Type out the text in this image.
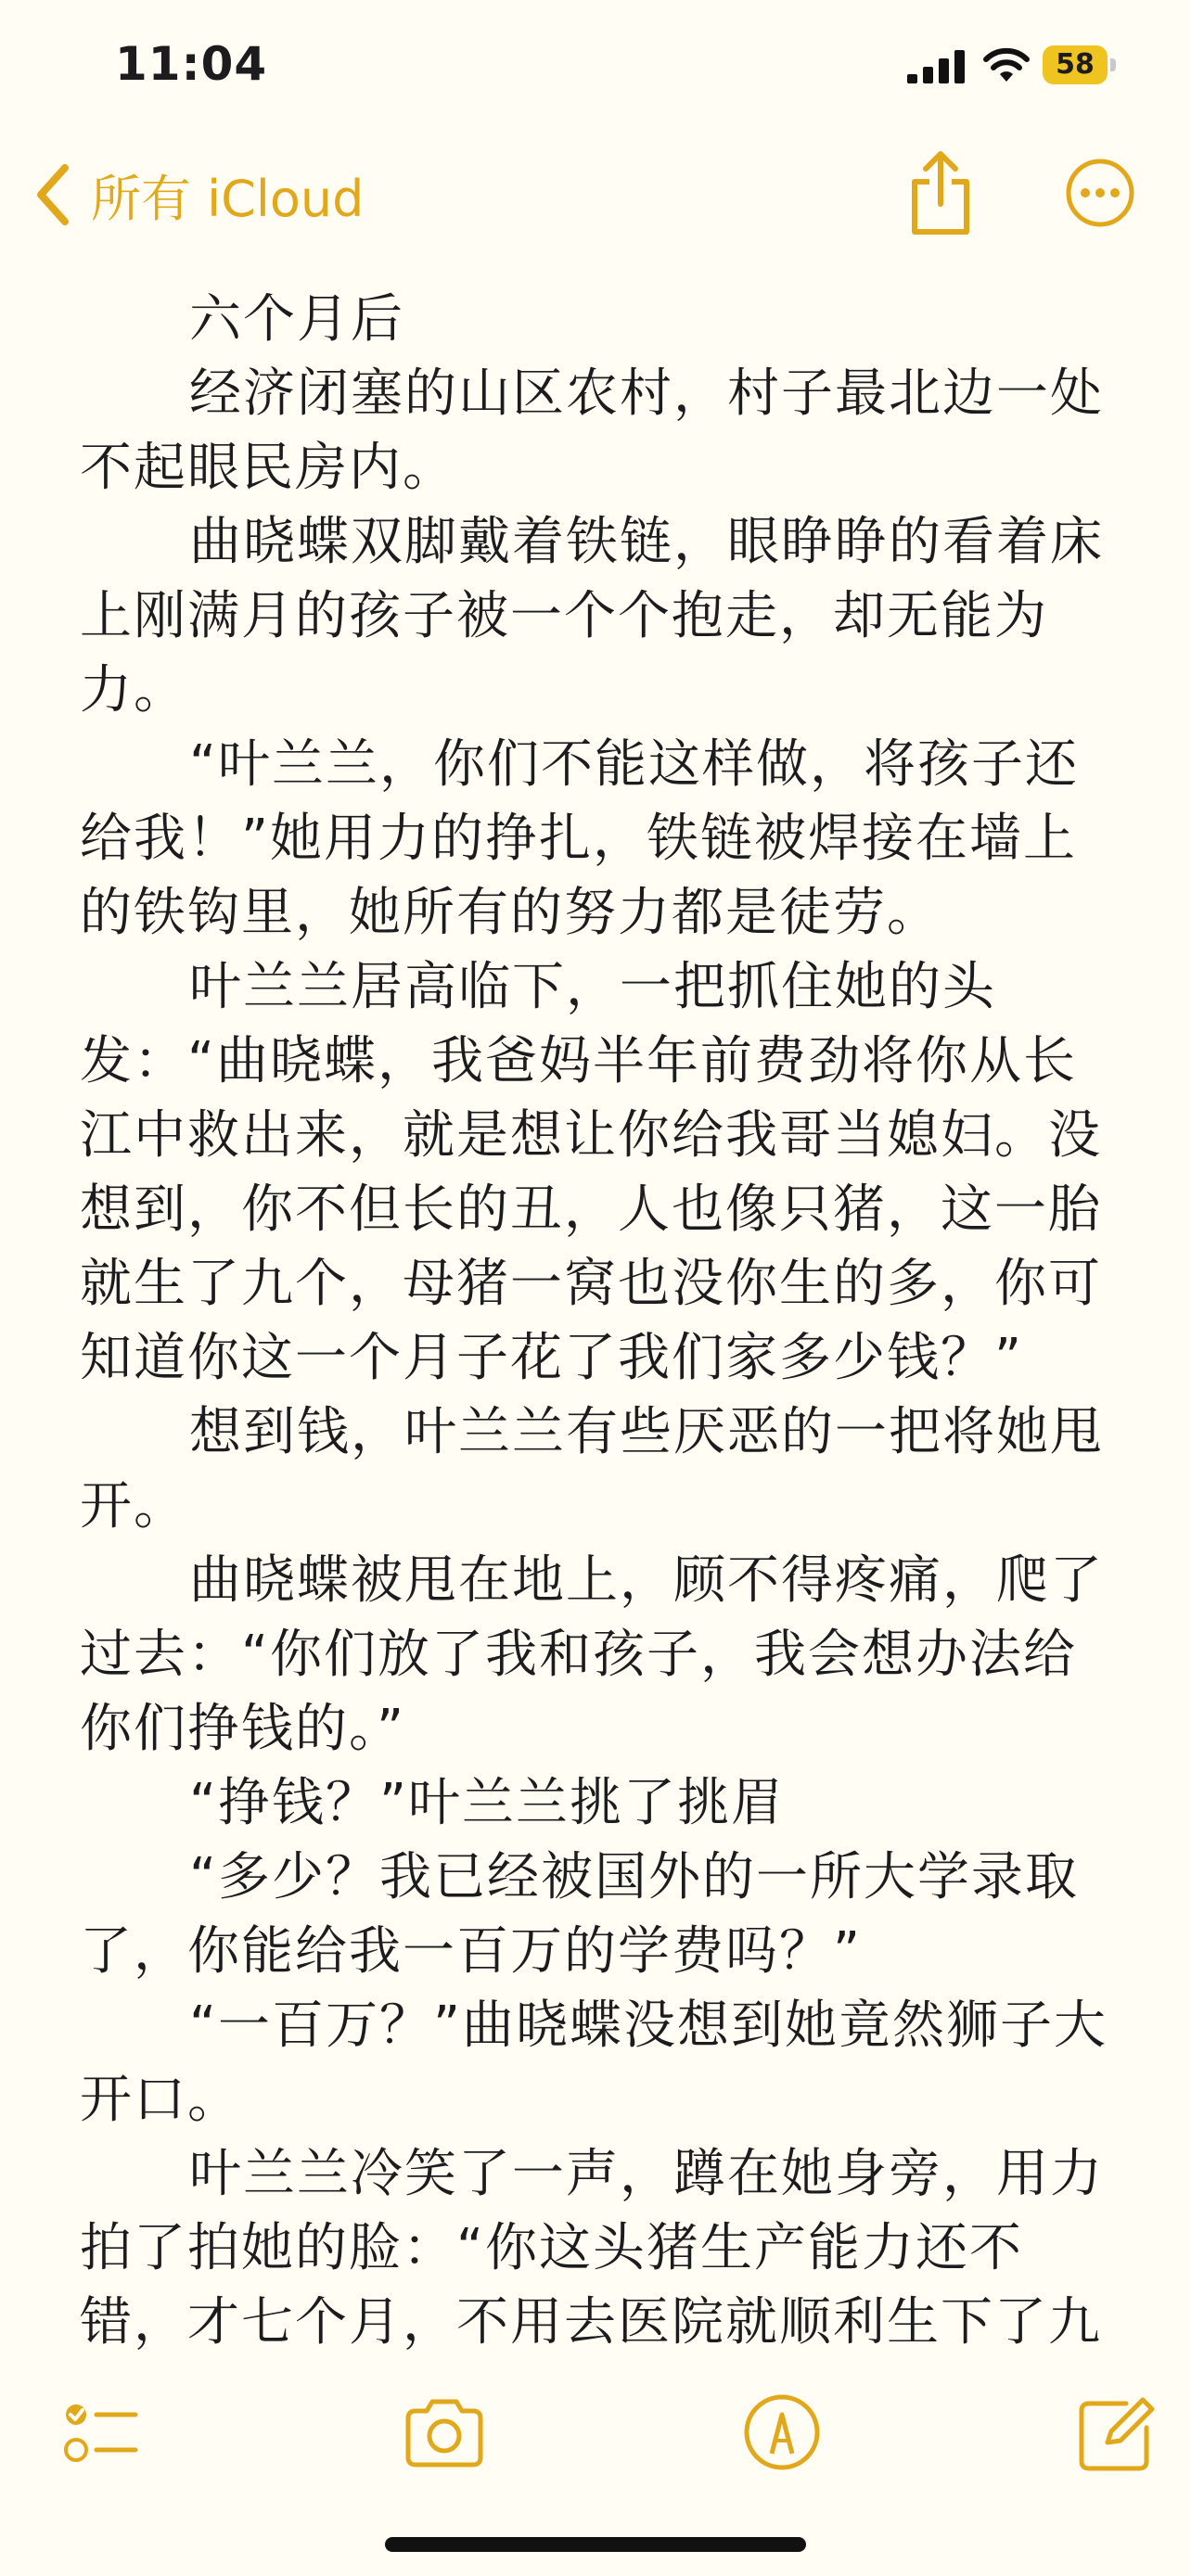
11:04	58
所有 iCloud

六个月后

经济闭塞的山区农村，村子最北边一处不起眼民房内。

曲晓蝶双脚戴着铁链，眼睁睁的看着床上刚满月的孩子被一个个抱走，却无能为力。

“叶兰兰，你们不能这样做，将孩子还给我！”她用力的挣扎，铁链被焊接在墙上的铁钩里，她所有的努力都是徒劳。

叶兰兰居高临下，一把抓住她的头发：“曲晓蝶，我爸妈半年前费劲将你从长江中救出来，就是想让你给我哥当媳妇。没想到，你不但长的丑，人也像只猪，这一胎就生了九个，母猪一窝也没你生的多，你可知道你这一个月子花了我们家多少钱？”

想到钱，叶兰兰有些厌恶的一把将她甩开。

曲晓蝶被甩在地上，顾不得疼痛，爬了过去：“你们放了我和孩子，我会想办法给你们挣钱的。”

“挣钱？”叶兰兰挑了挑眉

“多少？我已经被国外的一所大学录取了，你能给我一百万的学费吗？”

“一百万？”曲晓蝶没想到她竟然狮子大开口。

叶兰兰冷笑了一声，蹲在她身旁，用力拍了拍她的脸：“你这头猪生产能力还不错，才七个月，不用去医院就顺利生下了九
